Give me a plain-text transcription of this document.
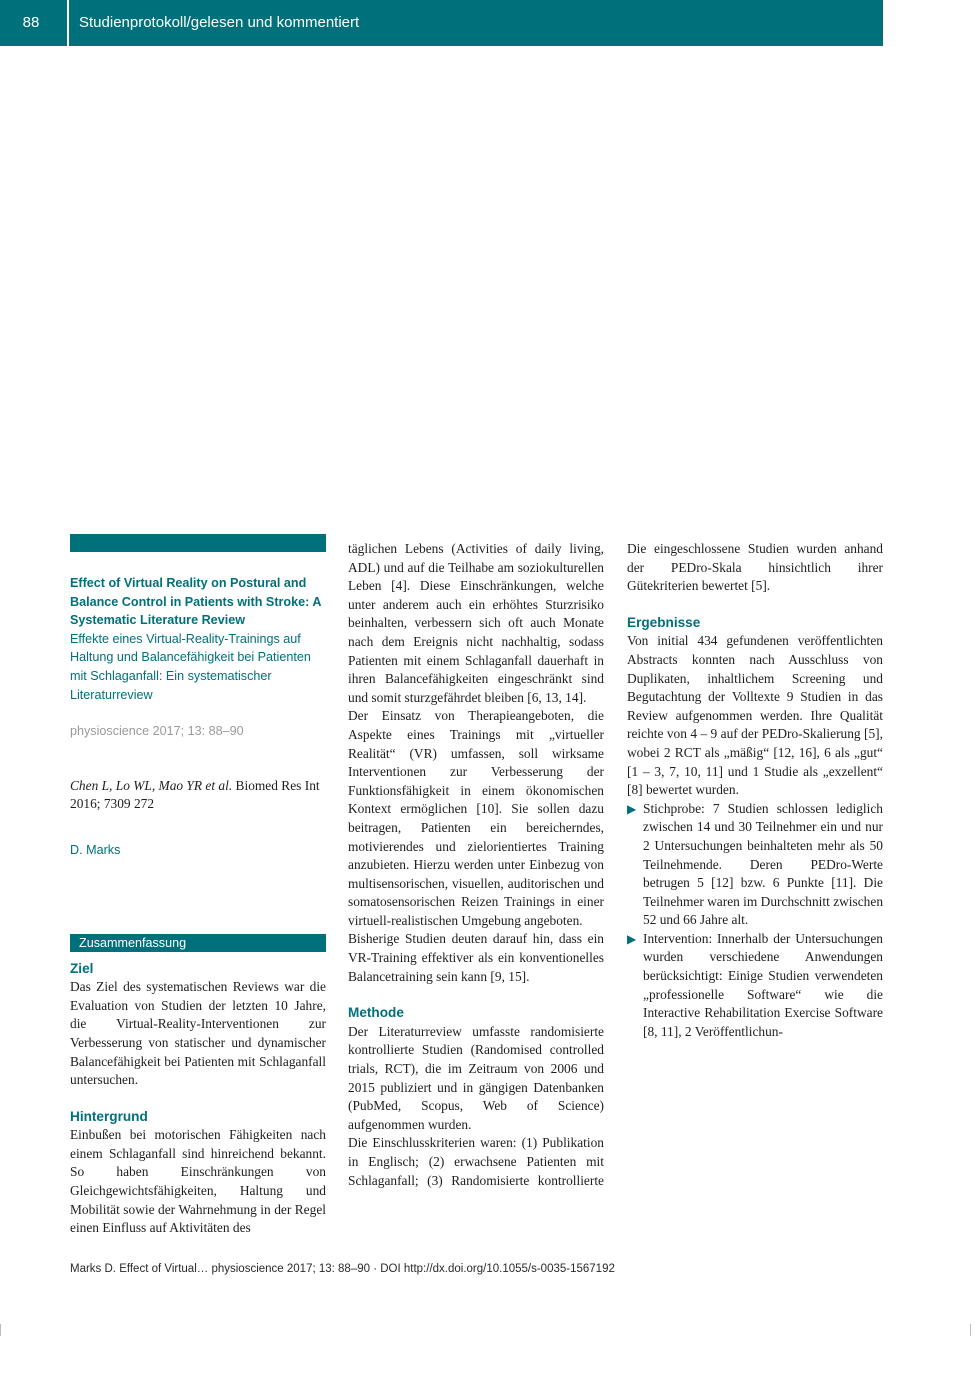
88	Studienprotokoll/gelesen und kommentiert
Effect of Virtual Reality on Postural and Balance Control in Patients with Stroke: A Systematic Literature Review
Effekte eines Virtual-Reality-Trainings auf Haltung und Balancefähigkeit bei Patienten mit Schlaganfall: Ein systematischer Literaturreview
physioscience 2017; 13: 88–90
Chen L, Lo WL, Mao YR et al. Biomed Res Int 2016; 7309 272
D. Marks
Zusammenfassung
Ziel

Das Ziel des systematischen Reviews war die Evaluation von Studien der letzten 10 Jahre, die Virtual-Reality-Interventionen zur Verbesserung von statischer und dynamischer Balancefähigkeit bei Patienten mit Schlaganfall untersuchen.

Hintergrund

Einbußen bei motorischen Fähigkeiten nach einem Schlaganfall sind hinreichend bekannt. So haben Einschränkungen von Gleichgewichtsfähigkeiten, Haltung und Mobilität sowie der Wahrnehmung in der Regel einen Einfluss auf Aktivitäten des

täglichen Lebens (Activities of daily living, ADL) und auf die Teilhabe am soziokulturellen Leben [4]. Diese Einschränkungen, welche unter anderem auch ein erhöhtes Sturzrisiko beinhalten, verbessern sich oft auch Monate nach dem Ereignis nicht nachhaltig, sodass Patienten mit einem Schlaganfall dauerhaft in ihren Balancefähigkeiten eingeschränkt sind und somit sturzgefährdet bleiben [6, 13, 14].

Der Einsatz von Therapieangeboten, die Aspekte eines Trainings mit „virtueller Realität“ (VR) umfassen, soll wirksame Interventionen zur Verbesserung der Funktionsfähigkeit in einem ökonomischen Kontext ermöglichen [10]. Sie sollen dazu beitragen, Patienten ein bereicherndes, motivierendes und zielorientiertes Training anzubieten. Hierzu werden unter Einbezug von multisensorischen, visuellen, auditorischen und somatosensorischen Reizen Trainings in einer virtuell-realistischen Umgebung angeboten.

Bisherige Studien deuten darauf hin, dass ein VR-Training effektiver als ein konventionelles Balancetraining sein kann [9, 15].

Methode

Der Literaturreview umfasste randomisierte kontrollierte Studien (Randomised controlled trials, RCT), die im Zeitraum von 2006 und 2015 publiziert und in gängigen Datenbanken (PubMed, Scopus, Web of Science) aufgenommen wurden.

Die Einschlusskriterien waren: (1) Publikation in Englisch; (2) erwachsene Patienten mit Schlaganfall; (3) Randomisierte kontrollierte

Die eingeschlossene Studien wurden anhand der PEDro-Skala hinsichtlich ihrer Gütekriterien bewertet [5].

Ergebnisse

Von initial 434 gefundenen veröffentlichten Abstracts konnten nach Ausschluss von Duplikaten, inhaltlichem Screening und Begutachtung der Volltexte 9 Studien in das Review aufgenommen werden. Ihre Qualität reichte von 4 – 9 auf der PEDro-Skalierung [5], wobei 2 RCT als „mäßig“ [12, 16], 6 als „gut“ [1 – 3, 7, 10, 11] und 1 Studie als „exzellent“ [8] bewertet wurden.

▶ Stichprobe: 7 Studien schlossen lediglich zwischen 14 und 30 Teilnehmer ein und nur 2 Untersuchungen beinhalteten mehr als 50 Teilnehmende. Deren PEDro-Werte betrugen 5 [12] bzw. 6 Punkte [11]. Die Teilnehmer waren im Durchschnitt zwischen 52 und 66 Jahre alt.
▶ Intervention: Innerhalb der Untersuchungen wurden verschiedene Anwendungen berücksichtigt: Einige Studien verwendeten „professionelle Software“ wie die Interactive Rehabilitation Exercise Software [8, 11], 2 Veröffentlichun-
Marks D. Effect of Virtual… physioscience 2017; 13: 88–90 · DOI http://dx.doi.org/10.1055/s-0035-1567192
